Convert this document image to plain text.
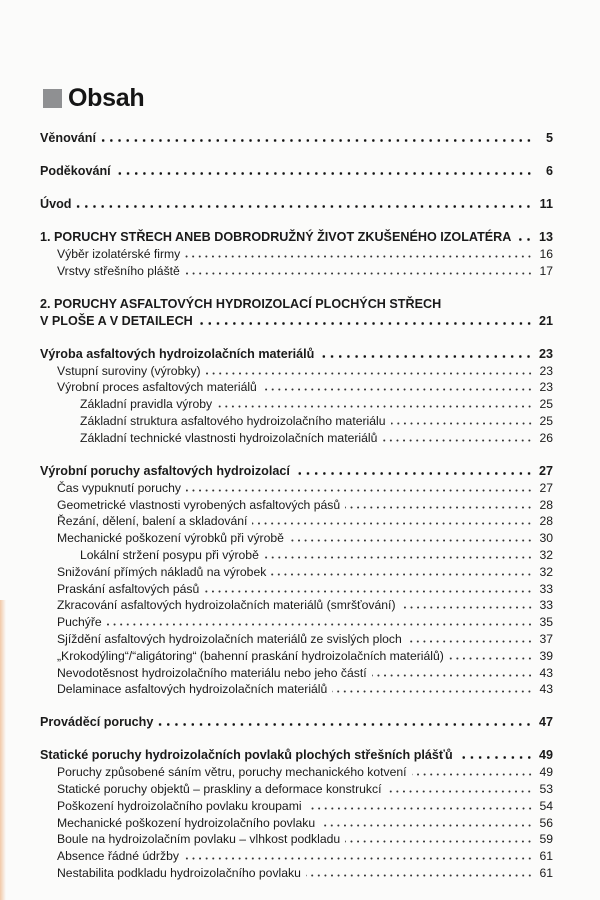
Obsah
Věnování	5
Poděkování	6
Úvod	11
1. PORUCHY STŘECH ANEB DOBRODRUŽNÝ ŽIVOT ZKUŠENÉHO IZOLATÉRA 13
Výběr izolatérské firmy	16
Vrstvy střešního pláště	17
2. PORUCHY ASFALTOVÝCH HYDROIZOLACÍ PLOCHÝCH STŘECH
V PLOŠE A V DETAILECH	21
Výroba asfaltových hydroizolačních materiálů	23
Vstupní suroviny (výrobky)	23
Výrobní proces asfaltových materiálů	23
Základní pravidla výroby	25
Základní struktura asfaltového hydroizolačního materiálu	25
Základní technické vlastnosti hydroizolačních materiálů	26
Výrobní poruchy asfaltových hydroizolací	27
Čas vypuknutí poruchy	27
Geometrické vlastnosti vyrobených asfaltových pásů	28
Řezání, dělení, balení a skladování	28
Mechanické poškození výrobků při výrobě	30
Lokální stržení posypu při výrobě	32
Snižování přímých nákladů na výrobek	32
Praskání asfaltových pásů	33
Zkracování asfaltových hydroizolačních materiálů (smršťování)	33
Puchýře	35
Sjíždění asfaltových hydroizolačních materiálů ze svislých ploch	37
„Krokodýling“/“aligátoring“ (bahenní praskání hydroizolačních materiálů)	39
Nevodotěsnost hydroizolačního materiálu nebo jeho částí	43
Delaminace asfaltových hydroizolačních materiálů	43
Prováděcí poruchy	47
Statické poruchy hydroizolačních povlaků plochých střešních plášťů	49
Poruchy způsobené sáním větru, poruchy mechanického kotvení	49
Statické poruchy objektů – praskliny a deformace konstrukcí	53
Poškození hydroizolačního povlaku kroupami	54
Mechanické poškození hydroizolačního povlaku	56
Boule na hydroizolačním povlaku – vlhkost podkladu	59
Absence řádné údržby	61
Nestabilita podkladu hydroizolačního povlaku	61
